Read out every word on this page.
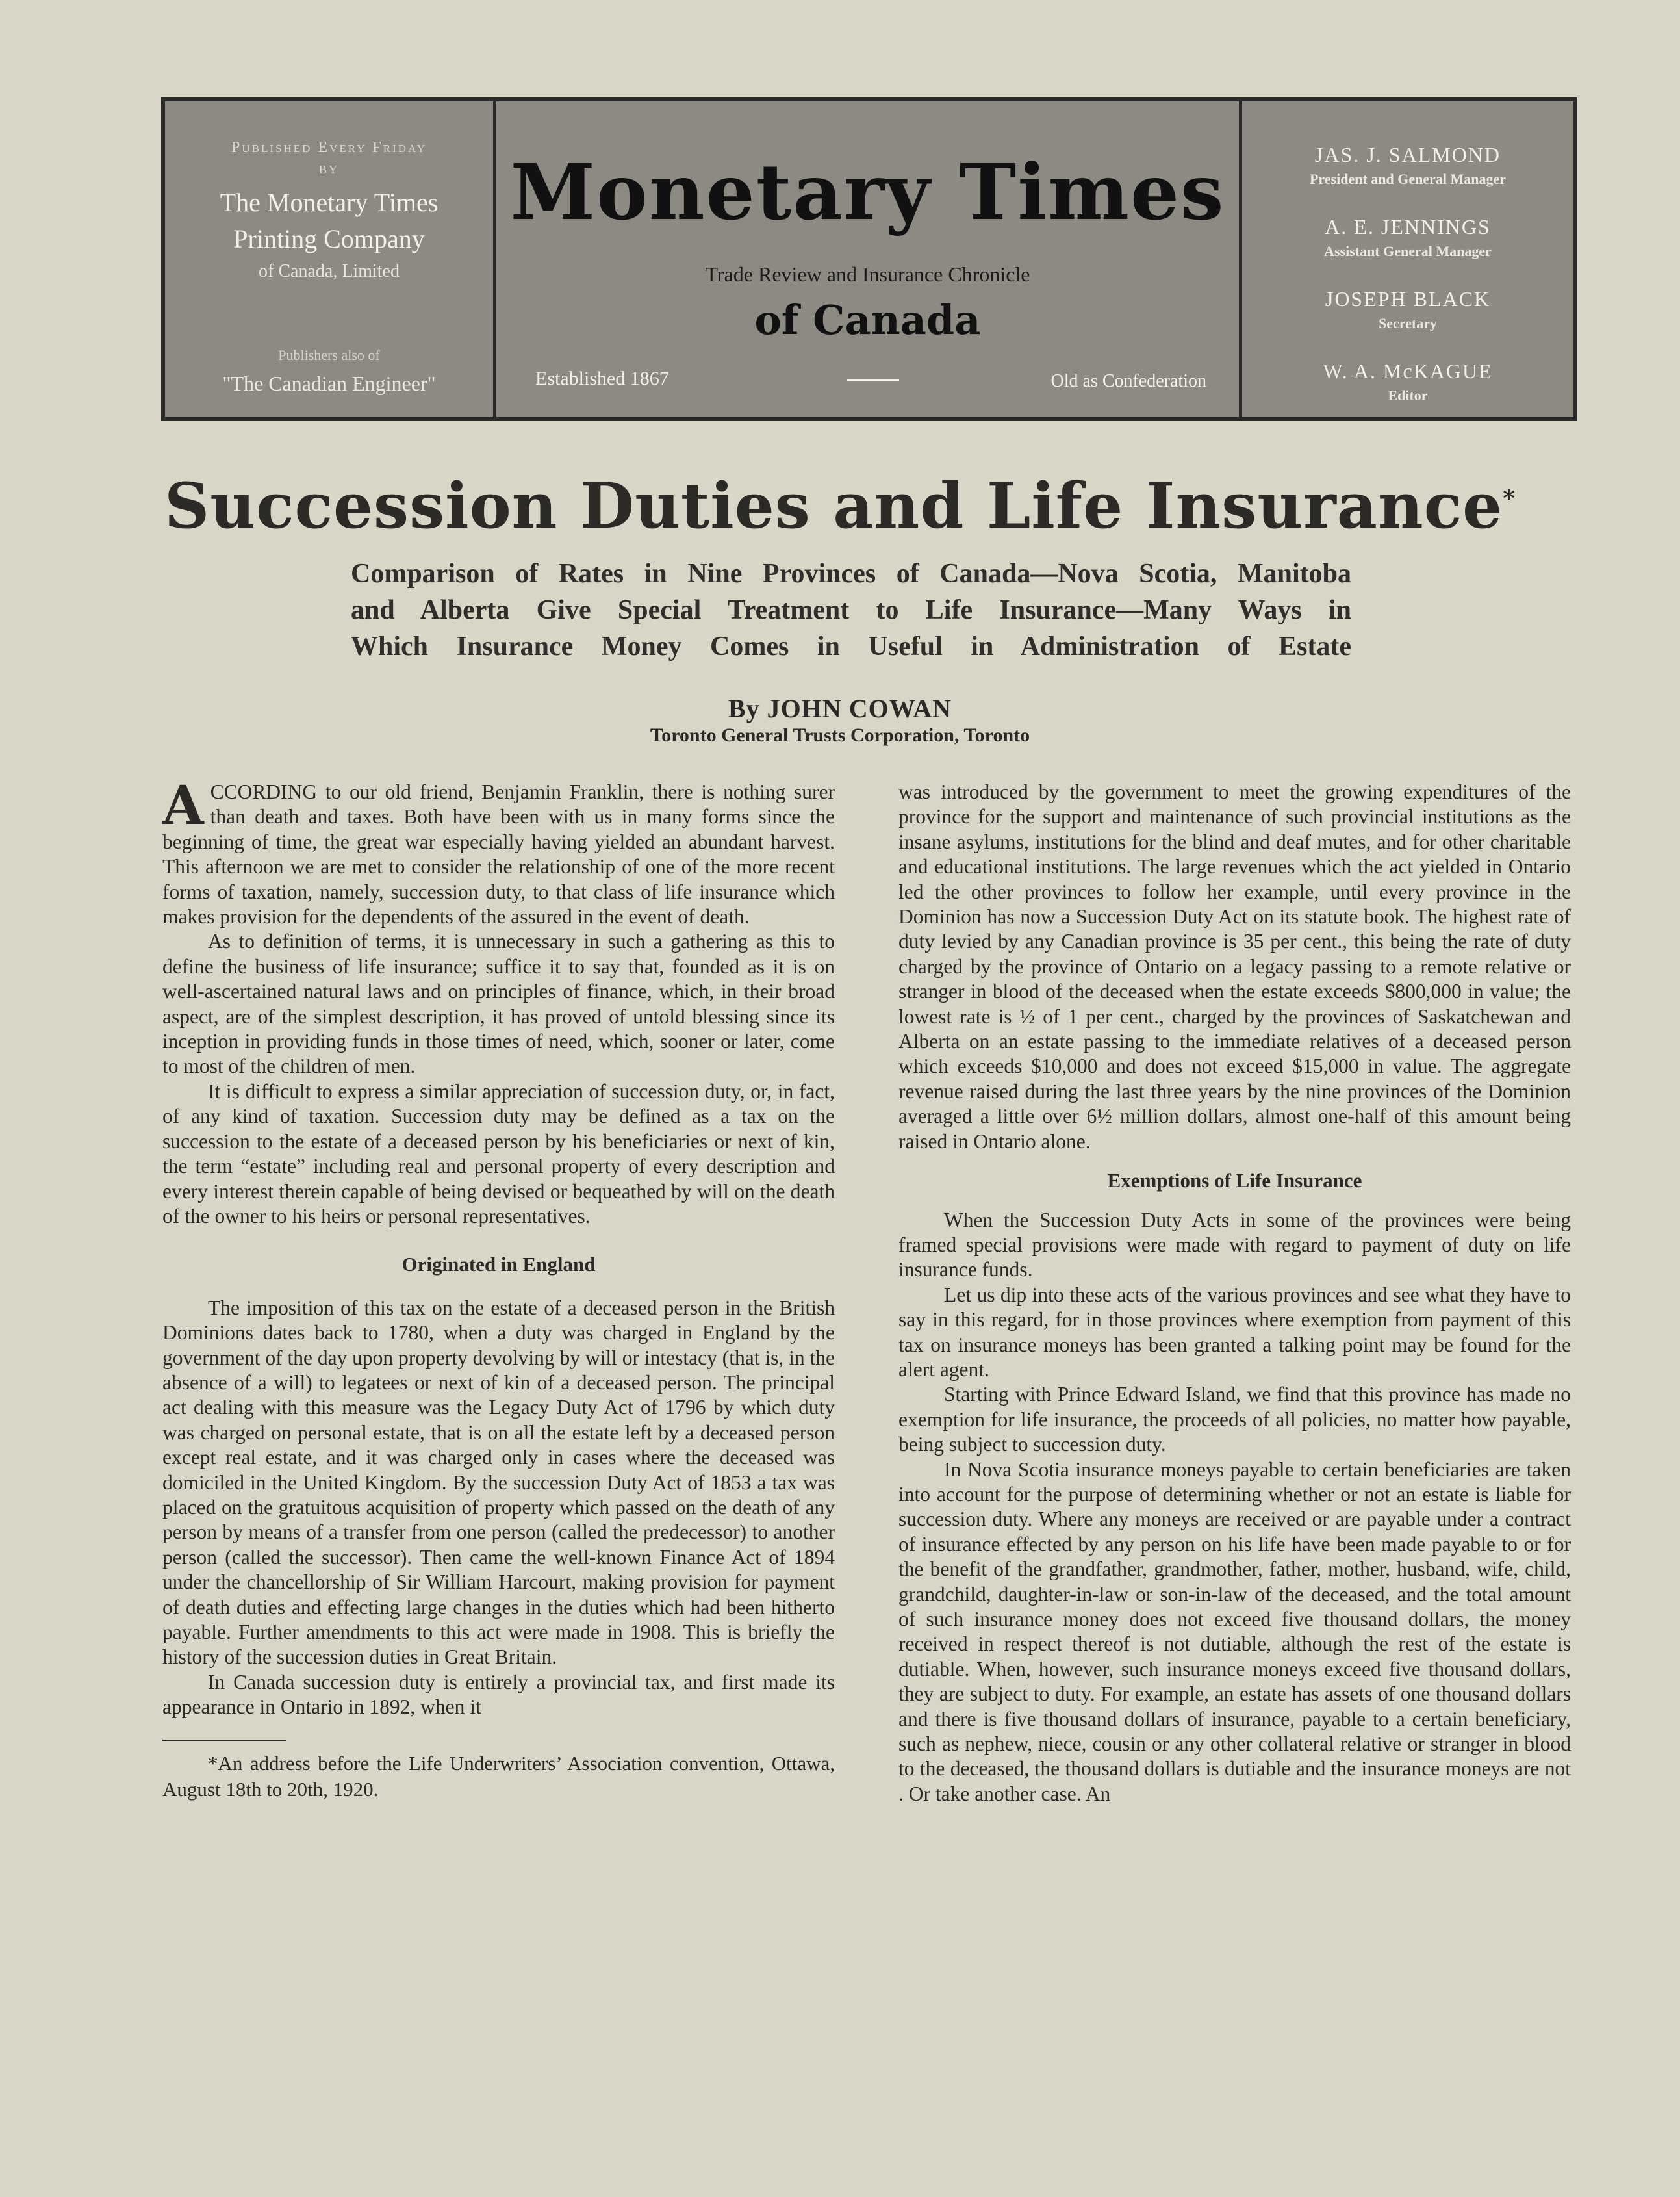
Published Every Friday
BY
The Monetary Times
Printing Company
of Canada, Limited
Publishers also of
"The Canadian Engineer"
Monetary Times
Trade Review and Insurance Chronicle
of Canada
Established 1867	Old as Confederation
JAS. J. SALMOND
President and General Manager
A. E. JENNINGS
Assistant General Manager
JOSEPH BLACK
Secretary
W. A. McKAGUE
Editor
Succession Duties and Life Insurance*
Comparison of Rates in Nine Provinces of Canada—Nova Scotia, Manitoba
and Alberta Give Special Treatment to Life Insurance—Many Ways in
Which Insurance Money Comes in Useful in Administration of Estate
By JOHN COWAN
Toronto General Trusts Corporation, Toronto

ACCORDING to our old friend, Benjamin Franklin, there is nothing surer than death and taxes. Both have been with us in many forms since the beginning of time, the great war especially having yielded an abundant harvest. This afternoon we are met to consider the relationship of one of the more recent forms of taxation, namely, succession duty, to that class of life insurance which makes provision for the dependents of the assured in the event of death.

As to definition of terms, it is unnecessary in such a gathering as this to define the business of life insurance; suffice it to say that, founded as it is on well-ascertained natural laws and on principles of finance, which, in their broad aspect, are of the simplest description, it has proved of untold blessing since its inception in providing funds in those times of need, which, sooner or later, come to most of the children of men.

It is difficult to express a similar appreciation of succession duty, or, in fact, of any kind of taxation. Succession duty may be defined as a tax on the succession to the estate of a deceased person by his beneficiaries or next of kin, the term “estate” including real and personal property of every description and every interest therein capable of being devised or bequeathed by will on the death of the owner to his heirs or personal representatives.

Originated in England

The imposition of this tax on the estate of a deceased person in the British Dominions dates back to 1780, when a duty was charged in England by the government of the day upon property devolving by will or intestacy (that is, in the absence of a will) to legatees or next of kin of a deceased person. The principal act dealing with this measure was the Legacy Duty Act of 1796 by which duty was charged on personal estate, that is on all the estate left by a deceased person except real estate, and it was charged only in cases where the deceased was domiciled in the United Kingdom. By the succession Duty Act of 1853 a tax was placed on the gratuitous acquisition of property which passed on the death of any person by means of a transfer from one person (called the predecessor) to another person (called the successor). Then came the well-known Finance Act of 1894 under the chancellorship of Sir William Harcourt, making provision for payment of death duties and effecting large changes in the duties which had been hitherto payable. Further amendments to this act were made in 1908. This is briefly the history of the succession duties in Great Britain.

In Canada succession duty is entirely a provincial tax, and first made its appearance in Ontario in 1892, when it

*An address before the Life Underwriters’ Association convention, Ottawa, August 18th to 20th, 1920.

was introduced by the government to meet the growing expenditures of the province for the support and maintenance of such provincial institutions as the insane asylums, institutions for the blind and deaf mutes, and for other charitable and educational institutions. The large revenues which the act yielded in Ontario led the other provinces to follow her example, until every province in the Dominion has now a Succession Duty Act on its statute book. The highest rate of duty levied by any Canadian province is 35 per cent., this being the rate of duty charged by the province of Ontario on a legacy passing to a remote relative or stranger in blood of the deceased when the estate exceeds $800,000 in value; the lowest rate is ½ of 1 per cent., charged by the provinces of Saskatchewan and Alberta on an estate passing to the immediate relatives of a deceased person which exceeds $10,000 and does not exceed $15,000 in value. The aggregate revenue raised during the last three years by the nine provinces of the Dominion averaged a little over 6½ million dollars, almost one-half of this amount being raised in Ontario alone.

Exemptions of Life Insurance

When the Succession Duty Acts in some of the provinces were being framed special provisions were made with regard to payment of duty on life insurance funds.

Let us dip into these acts of the various provinces and see what they have to say in this regard, for in those provinces where exemption from payment of this tax on insurance moneys has been granted a talking point may be found for the alert agent.

Starting with Prince Edward Island, we find that this province has made no exemption for life insurance, the proceeds of all policies, no matter how payable, being subject to succession duty.

In Nova Scotia insurance moneys payable to certain beneficiaries are taken into account for the purpose of determining whether or not an estate is liable for succession duty. Where any moneys are received or are payable under a contract of insurance effected by any person on his life have been made payable to or for the benefit of the grandfather, grandmother, father, mother, husband, wife, child, grandchild, daughter-in-law or son-in-law of the deceased, and the total amount of such insurance money does not exceed five thousand dollars, the money received in respect thereof is not dutiable, although the rest of the estate is dutiable. When, however, such insurance moneys exceed five thousand dollars, they are subject to duty. For example, an estate has assets of one thousand dollars and there is five thousand dollars of insurance, payable to a certain beneficiary, such as nephew, niece, cousin or any other collateral relative or stranger in blood to the deceased, the thousand dollars is dutiable and the insurance moneys are not . Or take another case. An
